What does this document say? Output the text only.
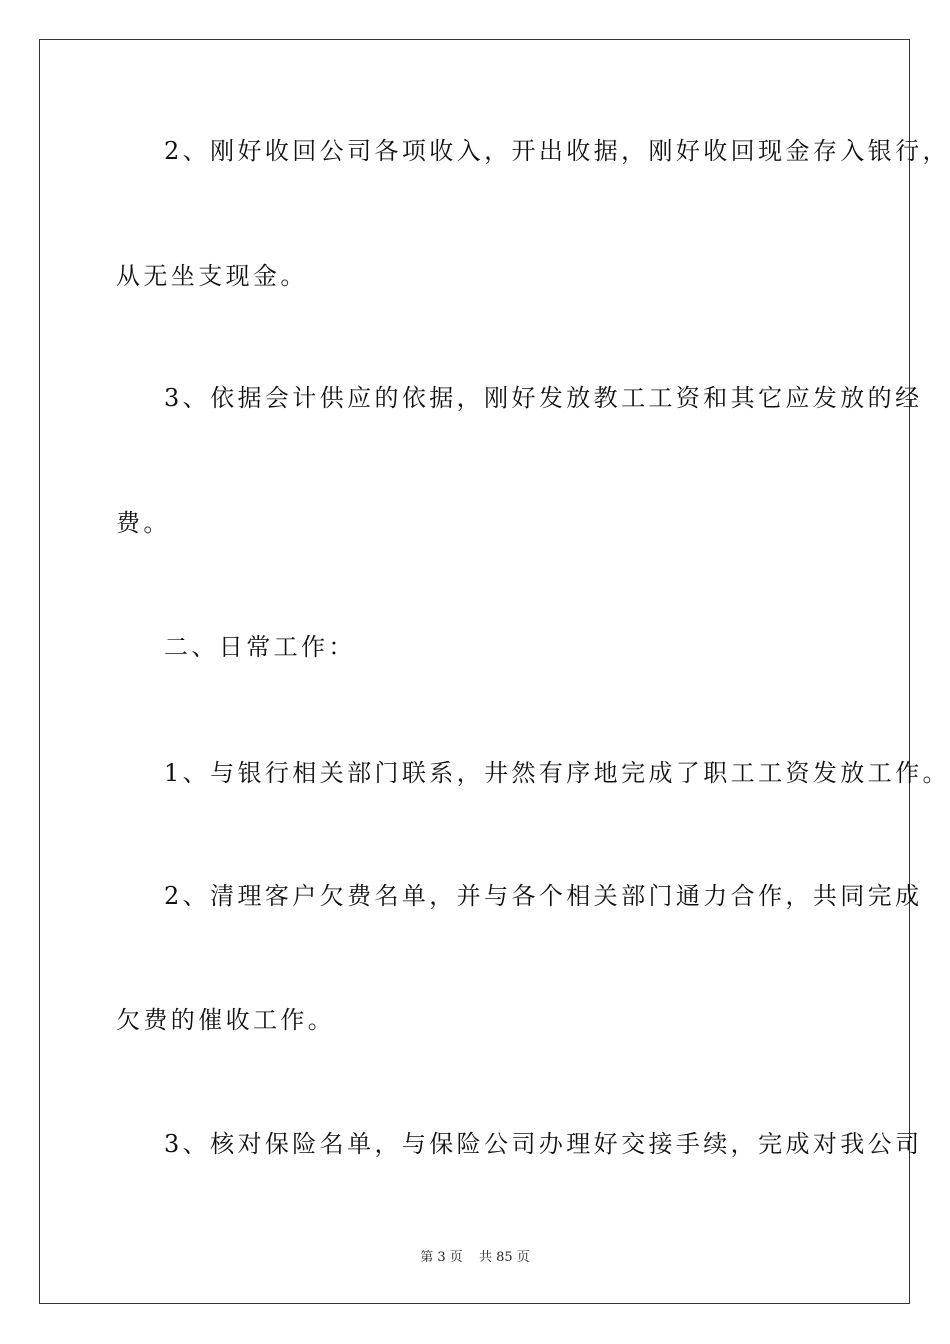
2、刚好收回公司各项收入，开出收据，刚好收回现金存入银行，
从无坐支现金。
3、依据会计供应的依据，刚好发放教工工资和其它应发放的经
费。
二、日常工作：
1、与银行相关部门联系，井然有序地完成了职工工资发放工作。
2、清理客户欠费名单，并与各个相关部门通力合作，共同完成
欠费的催收工作。
3、核对保险名单，与保险公司办理好交接手续，完成对我公司
第 3 页 共 85 页
